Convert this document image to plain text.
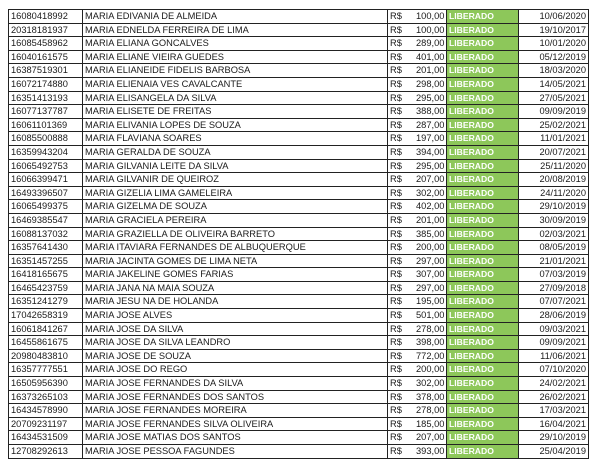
16080418992	MARIA EDIVANIA DE ALMEIDA	R$	100,00	LIBERADO	10/06/2020
20318181937	MARIA EDNELDA FERREIRA DE LIMA	R$	100,00	LIBERADO	19/10/2017
16085458962	MARIA ELIANA GONCALVES	R$	289,00	LIBERADO	10/01/2020
16040161575	MARIA ELIANE VIEIRA GUEDES	R$	401,00	LIBERADO	05/12/2019
16387519301	MARIA ELIANEIDE FIDELIS BARBOSA	R$	201,00	LIBERADO	18/03/2020
16072174880	MARIA ELIENAIA VES CAVALCANTE	R$	298,00	LIBERADO	14/05/2021
16351413193	MARIA ELISANGELA DA SILVA	R$	295,00	LIBERADO	27/05/2021
16077137787	MARIA ELISETE DE FREITAS	R$	388,00	LIBERADO	09/09/2019
16061101369	MARIA ELIVANIA LOPES DE SOUZA	R$	287,00	LIBERADO	25/02/2021
16085500888	MARIA FLAVIANA SOARES	R$	197,00	LIBERADO	11/01/2021
16359943204	MARIA GERALDA DE SOUZA	R$	394,00	LIBERADO	20/07/2021
16065492753	MARIA GILVANIA LEITE DA SILVA	R$	295,00	LIBERADO	25/11/2020
16066399471	MARIA GILVANIR DE QUEIROZ	R$	207,00	LIBERADO	20/08/2019
16493396507	MARIA GIZELIA LIMA GAMELEIRA	R$	302,00	LIBERADO	24/11/2020
16065499375	MARIA GIZELMA DE SOUZA	R$	402,00	LIBERADO	29/10/2019
16469385547	MARIA GRACIELA PEREIRA	R$	201,00	LIBERADO	30/09/2019
16088137032	MARIA GRAZIELLA DE OLIVEIRA BARRETO	R$	385,00	LIBERADO	02/03/2021
16357641430	MARIA ITAVIARA FERNANDES DE ALBUQUERQUE	R$	200,00	LIBERADO	08/05/2019
16351457255	MARIA JACINTA GOMES DE LIMA NETA	R$	297,00	LIBERADO	21/01/2021
16418165675	MARIA JAKELINE GOMES FARIAS	R$	307,00	LIBERADO	07/03/2019
16465423759	MARIA JANA NA MAIA SOUZA	R$	297,00	LIBERADO	27/09/2018
16351241279	MARIA JESU NA DE HOLANDA	R$	195,00	LIBERADO	07/07/2021
17042658319	MARIA JOSE ALVES	R$	501,00	LIBERADO	28/06/2019
16061841267	MARIA JOSE DA SILVA	R$	278,00	LIBERADO	09/03/2021
16455861675	MARIA JOSE DA SILVA LEANDRO	R$	398,00	LIBERADO	09/09/2021
20980483810	MARIA JOSE DE SOUZA	R$	772,00	LIBERADO	11/06/2021
16357777551	MARIA JOSE DO REGO	R$	200,00	LIBERADO	07/10/2020
16505956390	MARIA JOSE FERNANDES DA SILVA	R$	302,00	LIBERADO	24/02/2021
16373265103	MARIA JOSE FERNANDES DOS SANTOS	R$	378,00	LIBERADO	26/02/2021
16434578990	MARIA JOSE FERNANDES MOREIRA	R$	278,00	LIBERADO	17/03/2021
20709231197	MARIA JOSE FERNANDES SILVA OLIVEIRA	R$	185,00	LIBERADO	16/04/2021
16434531509	MARIA JOSE MATIAS DOS SANTOS	R$	207,00	LIBERADO	29/10/2019
12708292613	MARIA JOSE PESSOA FAGUNDES	R$	393,00	LIBERADO	25/04/2019
